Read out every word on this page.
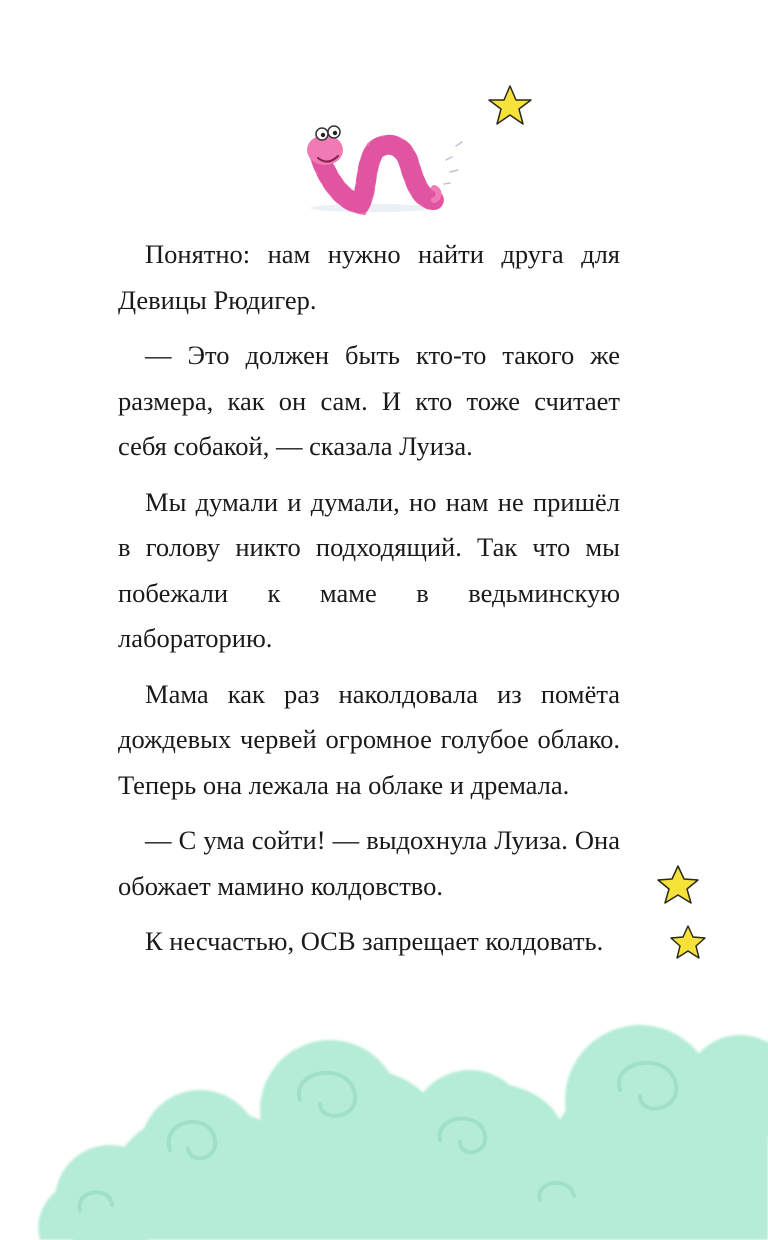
Понятно: нам нужно найти друга для Девицы Рюдигер.

— Это должен быть кто-то такого же размера, как он сам. И кто тоже считает себя собакой, — сказала Луиза.

Мы думали и думали, но нам не пришёл в голову никто подходящий. Так что мы побежали к маме в ведьминскую лабораторию.

Мама как раз наколдовала из помёта дождевых червей огромное голубое облако. Теперь она лежала на облаке и дремала.

— С ума сойти! — выдохнула Луиза. Она обожает мамино колдовство.

К несчастью, ОСВ запрещает колдовать.
